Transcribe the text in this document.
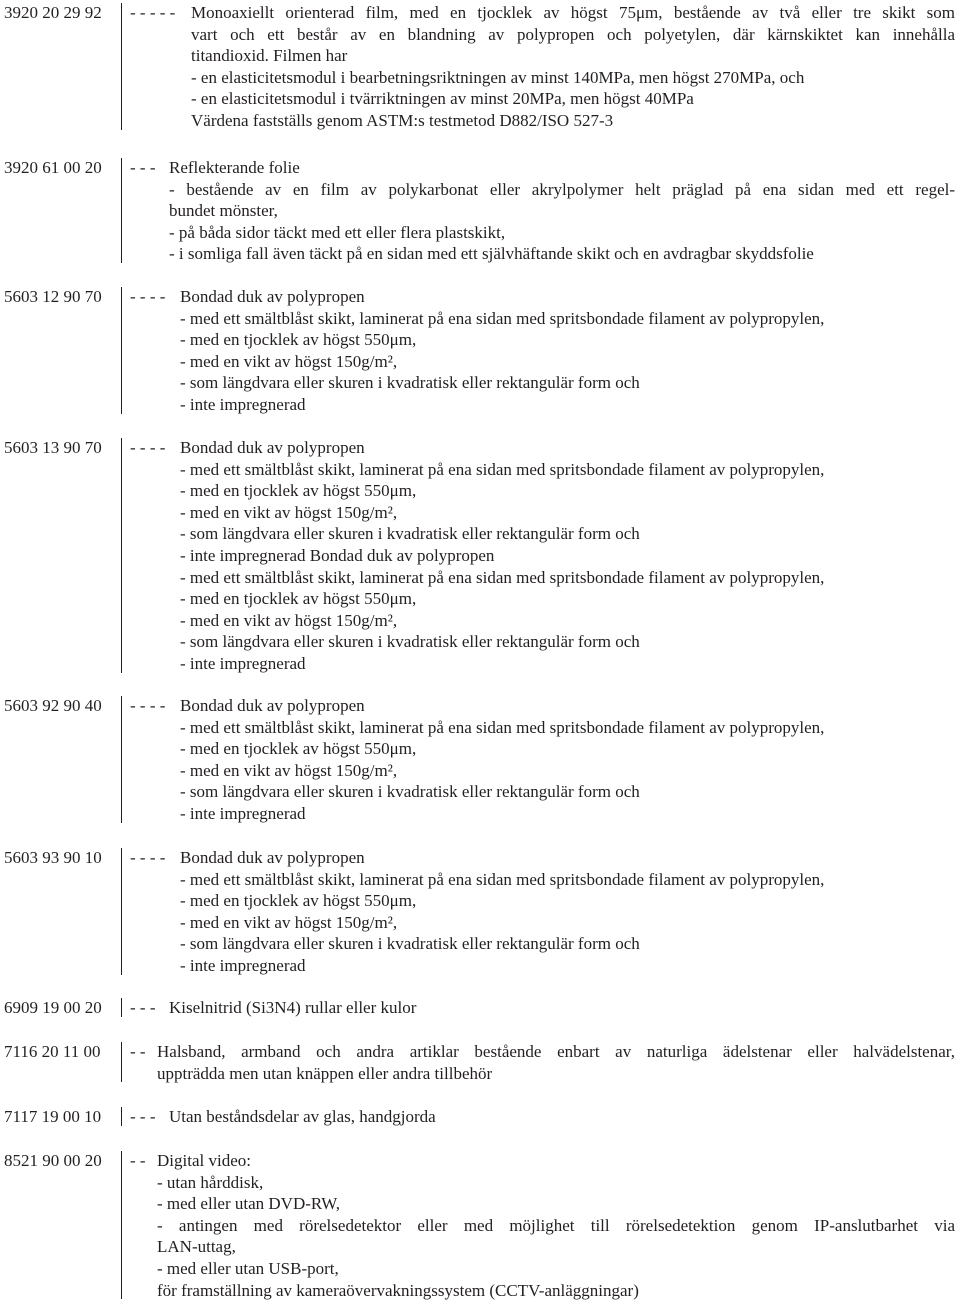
3920 20 29 92 - - - - - Monoaxiellt orienterad film, med en tjocklek av högst 75μm, bestående av två eller tre skikt som
vart och ett består av en blandning av polypropen och polyetylen, där kärnskiktet kan innehålla
titandioxid. Filmen har
- en elasticitetsmodul i bearbetningsriktningen av minst 140MPa, men högst 270MPa, och
- en elasticitetsmodul i tvärriktningen av minst 20MPa, men högst 40MPa
Värdena fastställs genom ASTM:s testmetod D882/ISO 527-3
3920 61 00 20 - - - Reflekterande folie
- bestående av en film av polykarbonat eller akrylpolymer helt präglad på ena sidan med ett regel-
bundet mönster,
- på båda sidor täckt med ett eller flera plastskikt,
- i somliga fall även täckt på en sidan med ett självhäftande skikt och en avdragbar skyddsfolie
5603 12 90 70 - - - - Bondad duk av polypropen
- med ett smältblåst skikt, laminerat på ena sidan med spritsbondade filament av polypropylen,
- med en tjocklek av högst 550μm,
- med en vikt av högst 150g/m²,
- som längdvara eller skuren i kvadratisk eller rektangulär form och
- inte impregnerad
5603 13 90 70 - - - - Bondad duk av polypropen
- med ett smältblåst skikt, laminerat på ena sidan med spritsbondade filament av polypropylen,
- med en tjocklek av högst 550μm,
- med en vikt av högst 150g/m²,
- som längdvara eller skuren i kvadratisk eller rektangulär form och
- inte impregnerad Bondad duk av polypropen
- med ett smältblåst skikt, laminerat på ena sidan med spritsbondade filament av polypropylen,
- med en tjocklek av högst 550μm,
- med en vikt av högst 150g/m²,
- som längdvara eller skuren i kvadratisk eller rektangulär form och
- inte impregnerad
5603 92 90 40 - - - - Bondad duk av polypropen
- med ett smältblåst skikt, laminerat på ena sidan med spritsbondade filament av polypropylen,
- med en tjocklek av högst 550μm,
- med en vikt av högst 150g/m²,
- som längdvara eller skuren i kvadratisk eller rektangulär form och
- inte impregnerad
5603 93 90 10 - - - - Bondad duk av polypropen
- med ett smältblåst skikt, laminerat på ena sidan med spritsbondade filament av polypropylen,
- med en tjocklek av högst 550μm,
- med en vikt av högst 150g/m²,
- som längdvara eller skuren i kvadratisk eller rektangulär form och
- inte impregnerad
6909 19 00 20 - - - Kiselnitrid (Si3N4) rullar eller kulor
7116 20 11 00 - - Halsband, armband och andra artiklar bestående enbart av naturliga ädelstenar eller halvädelstenar,
uppträdda men utan knäppen eller andra tillbehör
7117 19 00 10 - - - Utan beståndsdelar av glas, handgjorda
8521 90 00 20 - - Digital video:
- utan hårddisk,
- med eller utan DVD-RW,
- antingen med rörelsedetektor eller med möjlighet till rörelsedetektion genom IP-anslutbarhet via
LAN-uttag,
- med eller utan USB-port,
för framställning av kameraövervakningssystem (CCTV-anläggningar)
